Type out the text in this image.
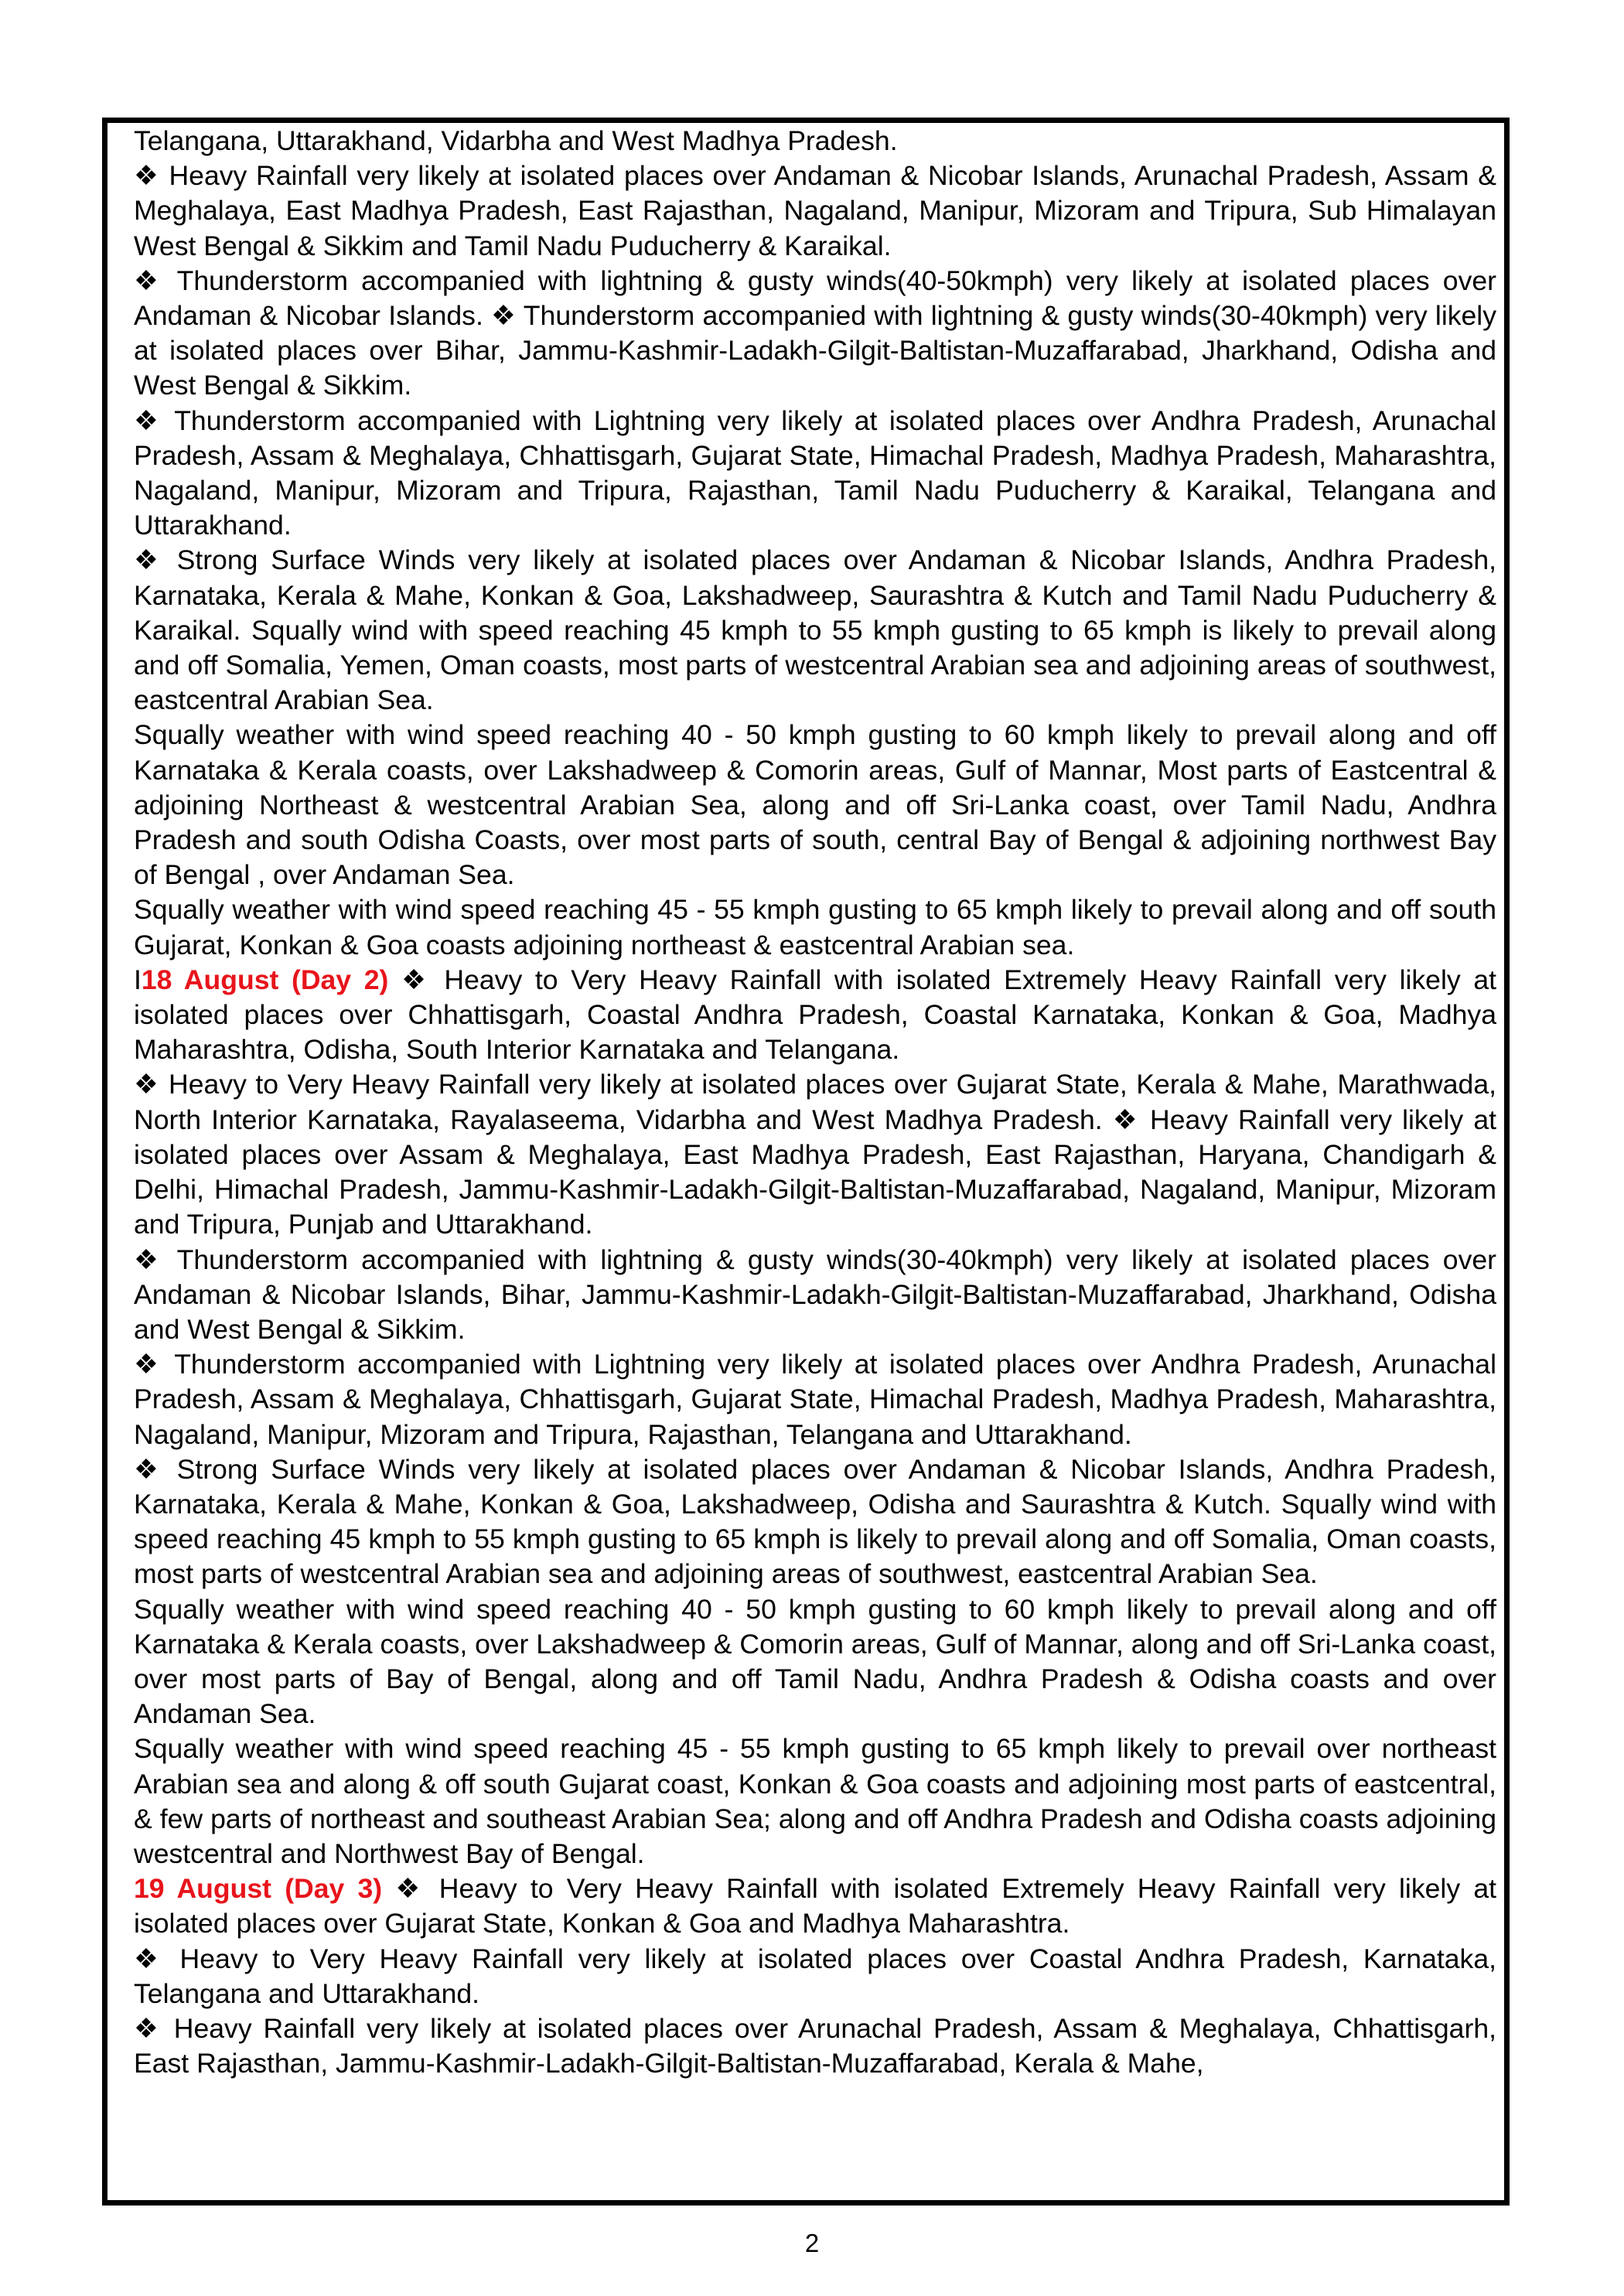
Telangana, Uttarakhand, Vidarbha and West Madhya Pradesh.

❖ Heavy Rainfall very likely at isolated places over Andaman & Nicobar Islands, Arunachal Pradesh, Assam & Meghalaya, East Madhya Pradesh, East Rajasthan, Nagaland, Manipur, Mizoram and Tripura, Sub Himalayan West Bengal & Sikkim and Tamil Nadu Puducherry & Karaikal.

❖ Thunderstorm accompanied with lightning & gusty winds(40-50kmph) very likely at isolated places over Andaman & Nicobar Islands. ❖ Thunderstorm accompanied with lightning & gusty winds(30-40kmph) very likely at isolated places over Bihar, Jammu-Kashmir-Ladakh-Gilgit-Baltistan-Muzaffarabad, Jharkhand, Odisha and West Bengal & Sikkim.

❖ Thunderstorm accompanied with Lightning very likely at isolated places over Andhra Pradesh, Arunachal Pradesh, Assam & Meghalaya, Chhattisgarh, Gujarat State, Himachal Pradesh, Madhya Pradesh, Maharashtra, Nagaland, Manipur, Mizoram and Tripura, Rajasthan, Tamil Nadu Puducherry & Karaikal, Telangana and Uttarakhand.

❖ Strong Surface Winds very likely at isolated places over Andaman & Nicobar Islands, Andhra Pradesh, Karnataka, Kerala & Mahe, Konkan & Goa, Lakshadweep, Saurashtra & Kutch and Tamil Nadu Puducherry & Karaikal. Squally wind with speed reaching 45 kmph to 55 kmph gusting to 65 kmph is likely to prevail along and off Somalia, Yemen, Oman coasts, most parts of westcentral Arabian sea and adjoining areas of southwest, eastcentral Arabian Sea.

Squally weather with wind speed reaching 40 - 50 kmph gusting to 60 kmph likely to prevail along and off Karnataka & Kerala coasts, over Lakshadweep & Comorin areas, Gulf of Mannar, Most parts of Eastcentral & adjoining Northeast & westcentral Arabian Sea, along and off Sri-Lanka coast, over Tamil Nadu, Andhra Pradesh and south Odisha Coasts, over most parts of south, central Bay of Bengal & adjoining northwest Bay of Bengal , over Andaman Sea.

Squally weather with wind speed reaching 45 - 55 kmph gusting to 65 kmph likely to prevail along and off south Gujarat, Konkan & Goa coasts adjoining northeast & eastcentral Arabian sea.

I18 August (Day 2) ❖ Heavy to Very Heavy Rainfall with isolated Extremely Heavy Rainfall very likely at isolated places over Chhattisgarh, Coastal Andhra Pradesh, Coastal Karnataka, Konkan & Goa, Madhya Maharashtra, Odisha, South Interior Karnataka and Telangana.

❖ Heavy to Very Heavy Rainfall very likely at isolated places over Gujarat State, Kerala & Mahe, Marathwada, North Interior Karnataka, Rayalaseema, Vidarbha and West Madhya Pradesh. ❖ Heavy Rainfall very likely at isolated places over Assam & Meghalaya, East Madhya Pradesh, East Rajasthan, Haryana, Chandigarh & Delhi, Himachal Pradesh, Jammu-Kashmir-Ladakh-Gilgit-Baltistan-Muzaffarabad, Nagaland, Manipur, Mizoram and Tripura, Punjab and Uttarakhand.

❖ Thunderstorm accompanied with lightning & gusty winds(30-40kmph) very likely at isolated places over Andaman & Nicobar Islands, Bihar, Jammu-Kashmir-Ladakh-Gilgit-Baltistan-Muzaffarabad, Jharkhand, Odisha and West Bengal & Sikkim.

❖ Thunderstorm accompanied with Lightning very likely at isolated places over Andhra Pradesh, Arunachal Pradesh, Assam & Meghalaya, Chhattisgarh, Gujarat State, Himachal Pradesh, Madhya Pradesh, Maharashtra, Nagaland, Manipur, Mizoram and Tripura, Rajasthan, Telangana and Uttarakhand.

❖ Strong Surface Winds very likely at isolated places over Andaman & Nicobar Islands, Andhra Pradesh, Karnataka, Kerala & Mahe, Konkan & Goa, Lakshadweep, Odisha and Saurashtra & Kutch. Squally wind with speed reaching 45 kmph to 55 kmph gusting to 65 kmph is likely to prevail along and off Somalia, Oman coasts, most parts of westcentral Arabian sea and adjoining areas of southwest, eastcentral Arabian Sea.

Squally weather with wind speed reaching 40 - 50 kmph gusting to 60 kmph likely to prevail along and off Karnataka & Kerala coasts, over Lakshadweep & Comorin areas, Gulf of Mannar, along and off Sri-Lanka coast, over most parts of Bay of Bengal, along and off Tamil Nadu, Andhra Pradesh & Odisha coasts and over Andaman Sea.

Squally weather with wind speed reaching 45 - 55 kmph gusting to 65 kmph likely to prevail over northeast Arabian sea and along & off south Gujarat coast, Konkan & Goa coasts and adjoining most parts of eastcentral, & few parts of northeast and southeast Arabian Sea; along and off Andhra Pradesh and Odisha coasts adjoining westcentral and Northwest Bay of Bengal.

19 August (Day 3) ❖ Heavy to Very Heavy Rainfall with isolated Extremely Heavy Rainfall very likely at isolated places over Gujarat State, Konkan & Goa and Madhya Maharashtra.

❖ Heavy to Very Heavy Rainfall very likely at isolated places over Coastal Andhra Pradesh, Karnataka, Telangana and Uttarakhand.

❖ Heavy Rainfall very likely at isolated places over Arunachal Pradesh, Assam & Meghalaya, Chhattisgarh, East Rajasthan, Jammu-Kashmir-Ladakh-Gilgit-Baltistan-Muzaffarabad, Kerala & Mahe,

2
